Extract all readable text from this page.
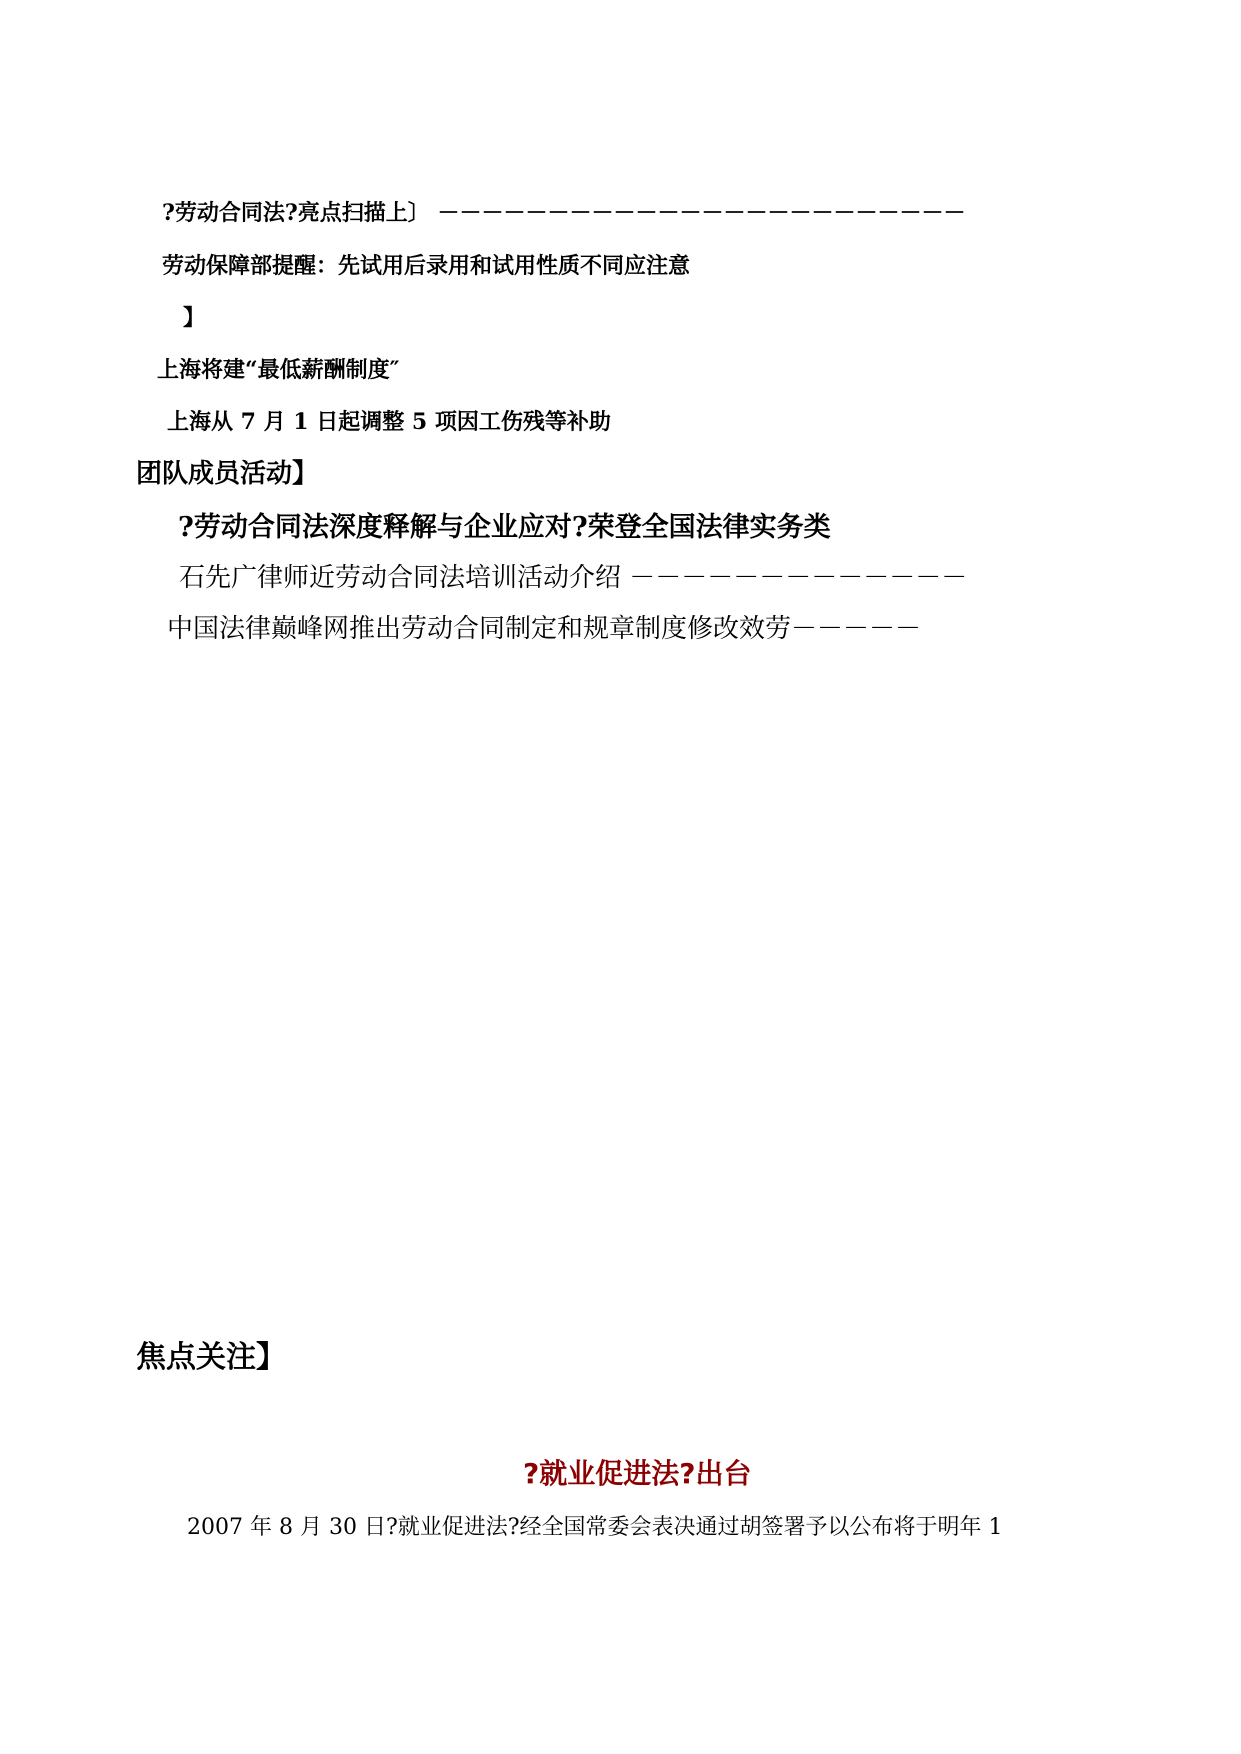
?劳动合同法?亮点扫描上〕 －－－－－－－－－－－－－－－－－－－－－－－－

劳动保障部提醒：先试用后录用和试用性质不同应注意

】

上海将建“最低薪酬制度″

上海从 7 月 1 日起调整 5 项因工伤残等补助

团队成员活动】

?劳动合同法深度释解与企业应对?荣登全国法律实务类

石先广律师近劳动合同法培训活动介绍 －－－－－－－－－－－－－

中国法律巅峰网推出劳动合同制定和规章制度修改效劳－－－－－

焦点关注】

?就业促进法?出台

2007 年 8 月 30 日?就业促进法?经全国常委会表决通过胡签署予以公布将于明年 1
